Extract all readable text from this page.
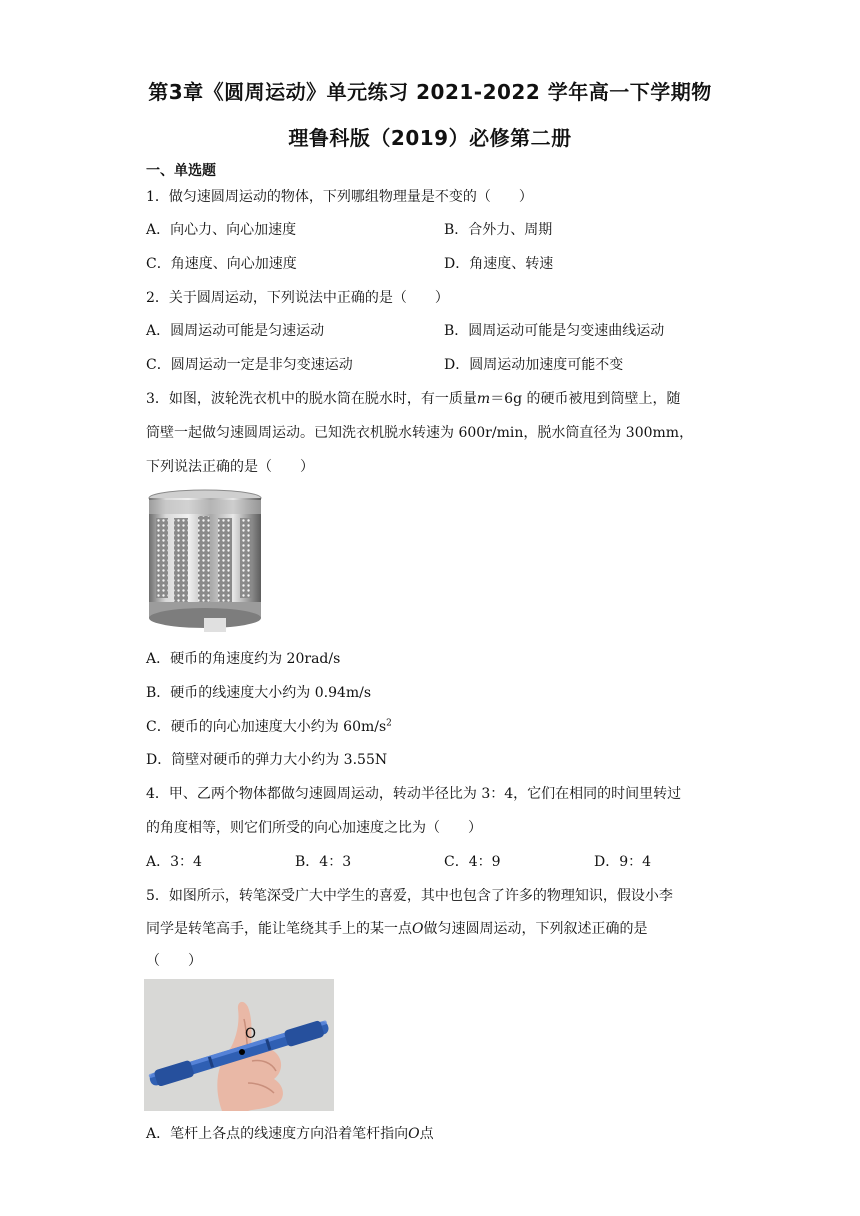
第3章《圆周运动》单元练习 2021-2022 学年高一下学期物
理鲁科版（2019）必修第二册
一、单选题
1．做匀速圆周运动的物体，下列哪组物理量是不变的（　　）
A．向心力、向心加速度	B．合外力、周期
C．角速度、向心加速度	D．角速度、转速
2．关于圆周运动，下列说法中正确的是（　　）
A．圆周运动可能是匀速运动	B．圆周运动可能是匀变速曲线运动
C．圆周运动一定是非匀变速运动	D．圆周运动加速度可能不变
3．如图，波轮洗衣机中的脱水筒在脱水时，有一质量m＝6g 的硬币被甩到筒壁上，随
筒壁一起做匀速圆周运动。已知洗衣机脱水转速为 600r/min，脱水筒直径为 300mm，
下列说法正确的是（　　）
A．硬币的角速度约为 20rad/s
B．硬币的线速度大小约为 0.94m/s
C．硬币的向心加速度大小约为 $60m/s^2$
D．筒壁对硬币的弹力大小约为 3.55N
4．甲、乙两个物体都做匀速圆周运动，转动半径比为 3：4，它们在相同的时间里转过
的角度相等，则它们所受的向心加速度之比为（　　）
A．3：4	B．4：3	C．4：9	D．9：4
5．如图所示，转笔深受广大中学生的喜爱，其中也包含了许多的物理知识，假设小李
同学是转笔高手，能让笔绕其手上的某一点O做匀速圆周运动，下列叙述正确的是
（　　）
O
A．笔杆上各点的线速度方向沿着笔杆指向O点
